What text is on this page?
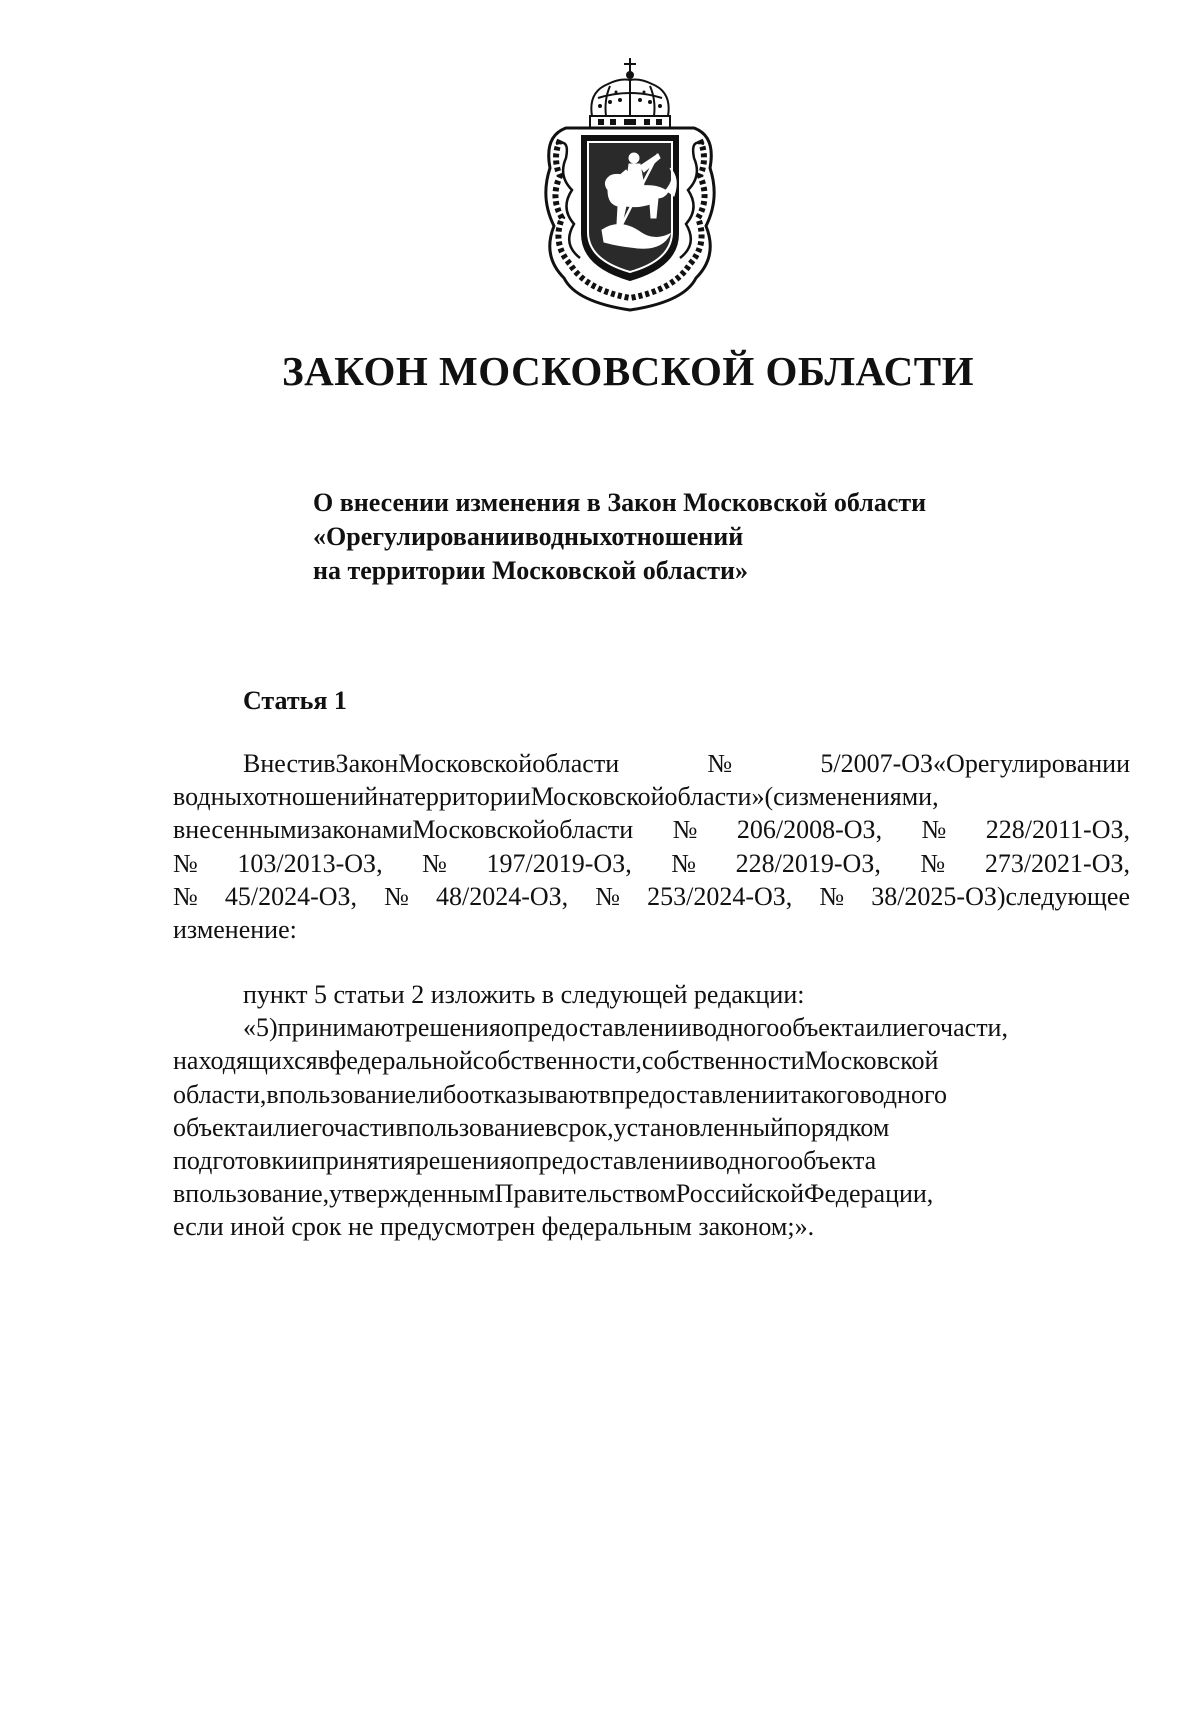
ЗАКОН МОСКОВСКОЙ ОБЛАСТИ
О внесении изменения в Закон Московской области
«Орегулированииводныхотношений
на территории Московской области»
Статья 1
ВнестивЗаконМосковскойобласти№5/2007-ОЗ«Орегулировании
водныхотношенийнатерриторииМосковскойобласти»(сизменениями,
внесеннымизаконамиМосковскойобласти№206/2008-ОЗ,№228/2011-ОЗ,
№103/2013-ОЗ,№197/2019-ОЗ,№228/2019-ОЗ,№273/2021-ОЗ,
№45/2024-ОЗ,№48/2024-ОЗ,№253/2024-ОЗ,№38/2025-ОЗ)следующее
изменение:
пункт 5 статьи 2 изложить в следующей редакции:
«5)принимаютрешенияопредоставленииводногообъектаилиегочасти,
находящихсявфедеральнойсобственности,собственностиМосковской
области,впользованиелибоотказываютвпредоставлениитакоговодного
объектаилиегочастивпользованиевсрок,установленныйпорядком
подготовкиипринятиярешенияопредоставленииводногообъекта
впользование,утвержденнымПравительствомРоссийскойФедерации,
если иной срок не предусмотрен федеральным законом;».
